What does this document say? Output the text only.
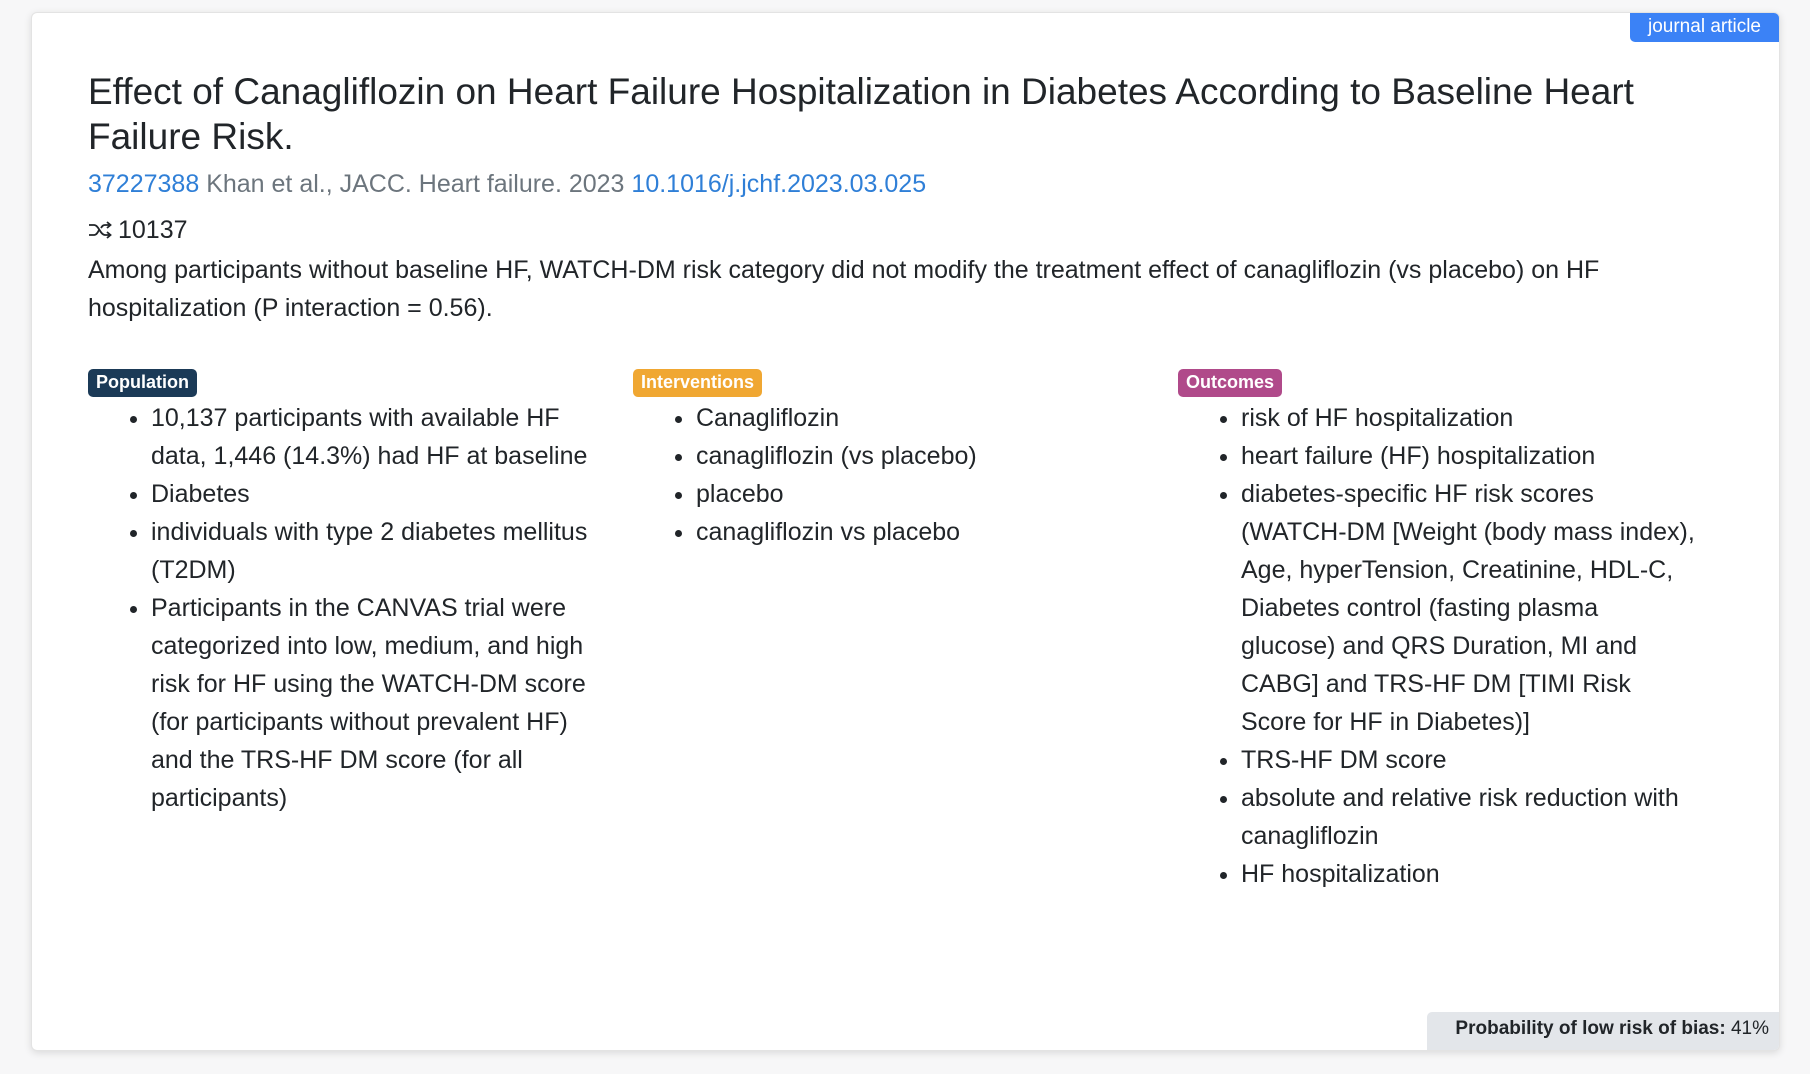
journal article
Effect of Canagliflozin on Heart Failure Hospitalization in Diabetes According to Baseline Heart Failure Risk.
37227388 Khan et al., JACC. Heart failure. 2023 10.1016/j.jchf.2023.03.025
10137
Among participants without baseline HF, WATCH-DM risk category did not modify the treatment effect of canagliflozin (vs placebo) on HF hospitalization (P interaction = 0.56).
Population
• 10,137 participants with available HF data, 1,446 (14.3%) had HF at baseline
• Diabetes
• individuals with type 2 diabetes mellitus (T2DM)
• Participants in the CANVAS trial were categorized into low, medium, and high risk for HF using the WATCH-DM score (for participants without prevalent HF) and the TRS-HF DM score (for all participants)
Interventions
• Canagliflozin
• canagliflozin (vs placebo)
• placebo
• canagliflozin vs placebo
Outcomes
• risk of HF hospitalization
• heart failure (HF) hospitalization
• diabetes-specific HF risk scores (WATCH-DM [Weight (body mass index), Age, hyperTension, Creatinine, HDL-C, Diabetes control (fasting plasma glucose) and QRS Duration, MI and CABG] and TRS-HF DM [TIMI Risk Score for HF in Diabetes)]
• TRS-HF DM score
• absolute and relative risk reduction with canagliflozin
• HF hospitalization
Probability of low risk of bias: 41%
